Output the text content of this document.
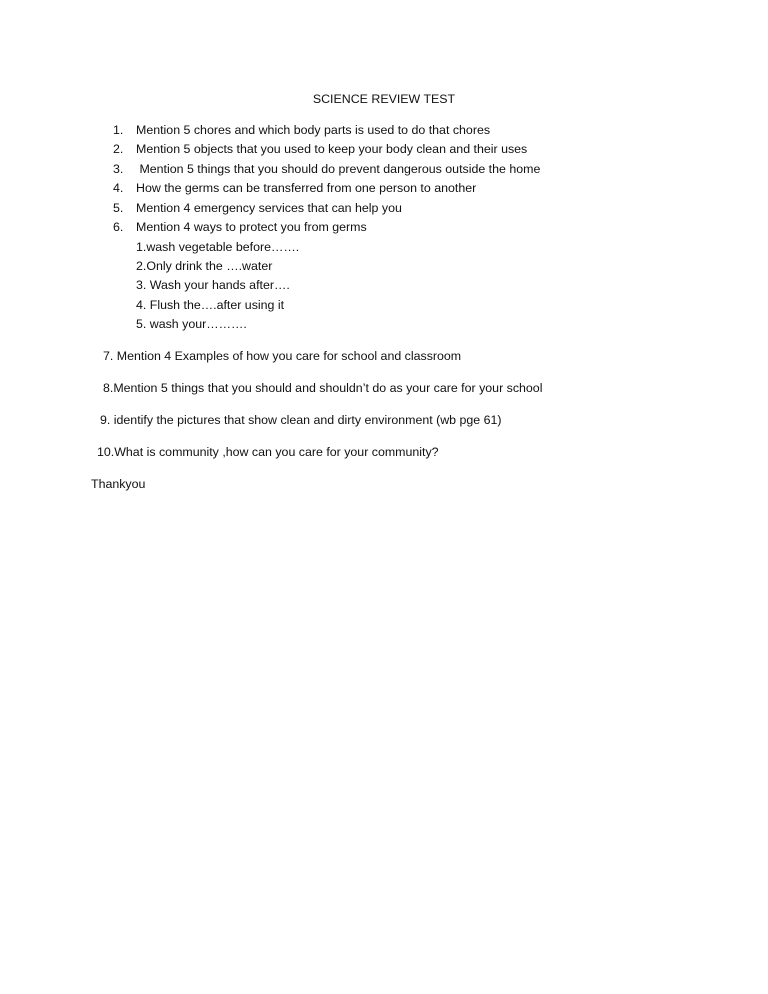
SCIENCE REVIEW TEST
1. Mention 5 chores and which body parts is used to do that chores
2. Mention 5 objects that you used to keep your body clean and their uses
3. Mention 5 things that you should do prevent dangerous outside the home
4. How the germs can be transferred from one person to another
5. Mention 4 emergency services that can help you
6. Mention 4 ways to protect you from germs
1.wash vegetable before…….
2.Only drink the ….water
3. Wash your hands after….
4. Flush the….after using it
5. wash your……….
7. Mention 4 Examples of how you care for school and classroom
8.Mention 5 things that you should and shouldn’t do as your care for your school
9. identify the pictures that show clean and dirty environment (wb pge 61)
10.What is community ,how can you care for your community?
Thankyou
